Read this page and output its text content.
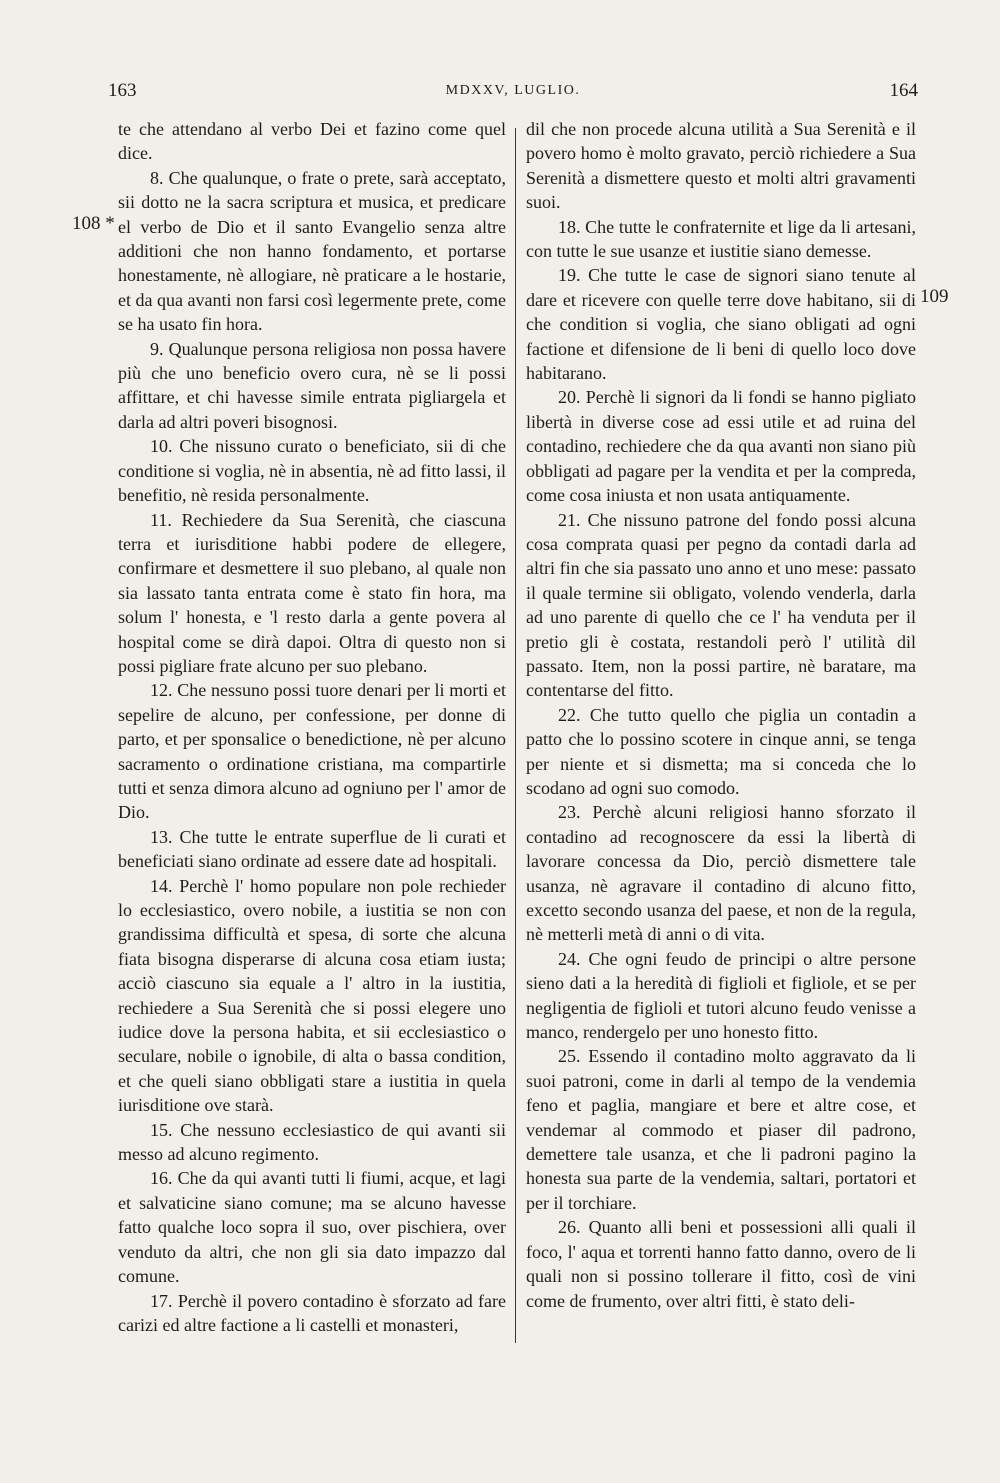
163	MDXXV, LUGLIO.	164
108 *
109

te che attendano al verbo Dei et fazino come quel dice.

8. Che qualunque, o frate o prete, sarà acceptato, sii dotto ne la sacra scriptura et musica, et predicare el verbo de Dio et il santo Evangelio senza altre additioni che non hanno fondamento, et portarse honestamente, nè allogiare, nè praticare a le hostarie, et da qua avanti non farsi così legermente prete, come se ha usato fin hora.

9. Qualunque persona religiosa non possa havere più che uno beneficio overo cura, nè se li possi affittare, et chi havesse simile entrata pigliargela et darla ad altri poveri bisognosi.

10. Che nissuno curato o beneficiato, sii di che conditione si voglia, nè in absentia, nè ad fitto lassi, il benefitio, nè resida personalmente.

11. Rechiedere da Sua Serenità, che ciascuna terra et iurisditione habbi podere de ellegere, confirmare et desmettere il suo plebano, al quale non sia lassato tanta entrata come è stato fin hora, ma solum l' honesta, e 'l resto darla a gente povera al hospital come se dirà dapoi. Oltra di questo non si possi pigliare frate alcuno per suo plebano.

12. Che nessuno possi tuore denari per li morti et sepelire de alcuno, per confessione, per donne di parto, et per sponsalice o benedictione, nè per alcuno sacramento o ordinatione cristiana, ma compartirle tutti et senza dimora alcuno ad ogniuno per l' amor de Dio.

13. Che tutte le entrate superflue de li curati et beneficiati siano ordinate ad essere date ad hospitali.

14. Perchè l' homo populare non pole rechieder lo ecclesiastico, overo nobile, a iustitia se non con grandissima difficultà et spesa, di sorte che alcuna fiata bisogna disperarse di alcuna cosa etiam iusta; acciò ciascuno sia equale a l' altro in la iustitia, rechiedere a Sua Serenità che si possi elegere uno iudice dove la persona habita, et sii ecclesiastico o seculare, nobile o ignobile, di alta o bassa condition, et che queli siano obbligati stare a iustitia in quela iurisditione ove starà.

15. Che nessuno ecclesiastico de qui avanti sii messo ad alcuno regimento.

16. Che da qui avanti tutti li fiumi, acque, et lagi et salvaticine siano comune; ma se alcuno havesse fatto qualche loco sopra il suo, over pischiera, over venduto da altri, che non gli sia dato impazzo dal comune.

17. Perchè il povero contadino è sforzato ad fare carizi ed altre factione a li castelli et monasteri,

dil che non procede alcuna utilità a Sua Serenità e il povero homo è molto gravato, perciò richiedere a Sua Serenità a dismettere questo et molti altri gravamenti suoi.

18. Che tutte le confraternite et lige da li artesani, con tutte le sue usanze et iustitie siano demesse.

19. Che tutte le case de signori siano tenute al dare et ricevere con quelle terre dove habitano, sii di che condition si voglia, che siano obligati ad ogni factione et difensione de li beni di quello loco dove habitarano.

20. Perchè li signori da li fondi se hanno pigliato libertà in diverse cose ad essi utile et ad ruina del contadino, rechiedere che da qua avanti non siano più obbligati ad pagare per la vendita et per la compreda, come cosa iniusta et non usata antiquamente.

21. Che nissuno patrone del fondo possi alcuna cosa comprata quasi per pegno da contadi darla ad altri fin che sia passato uno anno et uno mese: passato il quale termine sii obligato, volendo venderla, darla ad uno parente di quello che ce l' ha venduta per il pretio gli è costata, restandoli però l' utilità dil passato. Item, non la possi partire, nè baratare, ma contentarse del fitto.

22. Che tutto quello che piglia un contadin a patto che lo possino scotere in cinque anni, se tenga per niente et si dismetta; ma si conceda che lo scodano ad ogni suo comodo.

23. Perchè alcuni religiosi hanno sforzato il contadino ad recognoscere da essi la libertà di lavorare concessa da Dio, perciò dismettere tale usanza, nè agravare il contadino di alcuno fitto, excetto secondo usanza del paese, et non de la regula, nè metterli metà di anni o di vita.

24. Che ogni feudo de principi o altre persone sieno dati a la heredità di figlioli et figliole, et se per negligentia de figlioli et tutori alcuno feudo venisse a manco, rendergelo per uno honesto fitto.

25. Essendo il contadino molto aggravato da li suoi patroni, come in darli al tempo de la vendemia feno et paglia, mangiare et bere et altre cose, et vendemar al commodo et piaser dil padrono, demettere tale usanza, et che li padroni pagino la honesta sua parte de la vendemia, saltari, portatori et per il torchiare.

26. Quanto alli beni et possessioni alli quali il foco, l' aqua et torrenti hanno fatto danno, overo de li quali non si possino tollerare il fitto, così de vini come de frumento, over altri fitti, è stato deli-
